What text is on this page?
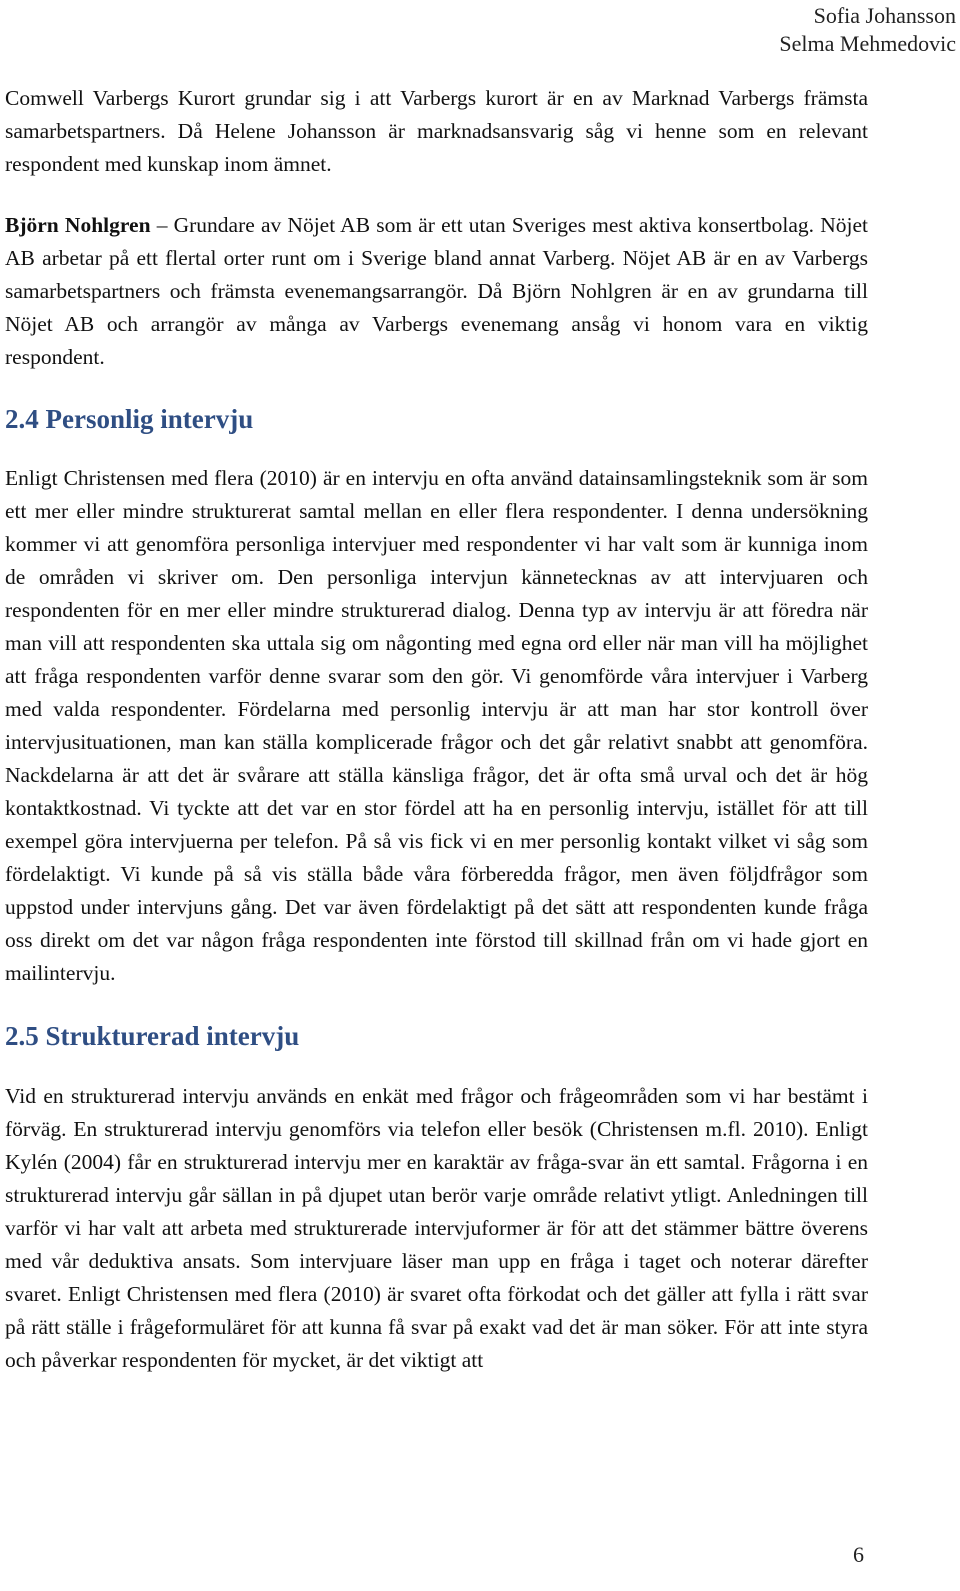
Sofia Johansson
Selma Mehmedovic

Comwell Varbergs Kurort grundar sig i att Varbergs kurort är en av Marknad Varbergs främsta samarbetspartners. Då Helene Johansson är marknadsansvarig såg vi henne som en relevant respondent med kunskap inom ämnet.

Björn Nohlgren – Grundare av Nöjet AB som är ett utan Sveriges mest aktiva konsertbolag. Nöjet AB arbetar på ett flertal orter runt om i Sverige bland annat Varberg. Nöjet AB är en av Varbergs samarbetspartners och främsta evenemangsarrangör. Då Björn Nohlgren är en av grundarna till Nöjet AB och arrangör av många av Varbergs evenemang ansåg vi honom vara en viktig respondent.

2.4 Personlig intervju

Enligt Christensen med flera (2010) är en intervju en ofta använd datainsamlingsteknik som är som ett mer eller mindre strukturerat samtal mellan en eller flera respondenter. I denna undersökning kommer vi att genomföra personliga intervjuer med respondenter vi har valt som är kunniga inom de områden vi skriver om. Den personliga intervjun kännetecknas av att intervjuaren och respondenten för en mer eller mindre strukturerad dialog. Denna typ av intervju är att föredra när man vill att respondenten ska uttala sig om någonting med egna ord eller när man vill ha möjlighet att fråga respondenten varför denne svarar som den gör. Vi genomförde våra intervjuer i Varberg med valda respondenter. Fördelarna med personlig intervju är att man har stor kontroll över intervjusituationen, man kan ställa komplicerade frågor och det går relativt snabbt att genomföra. Nackdelarna är att det är svårare att ställa känsliga frågor, det är ofta små urval och det är hög kontaktkostnad. Vi tyckte att det var en stor fördel att ha en personlig intervju, istället för att till exempel göra intervjuerna per telefon. På så vis fick vi en mer personlig kontakt vilket vi såg som fördelaktigt. Vi kunde på så vis ställa både våra förberedda frågor, men även följdfrågor som uppstod under intervjuns gång. Det var även fördelaktigt på det sätt att respondenten kunde fråga oss direkt om det var någon fråga respondenten inte förstod till skillnad från om vi hade gjort en mailintervju.

2.5 Strukturerad intervju

Vid en strukturerad intervju används en enkät med frågor och frågeområden som vi har bestämt i förväg. En strukturerad intervju genomförs via telefon eller besök (Christensen m.fl. 2010). Enligt Kylén (2004) får en strukturerad intervju mer en karaktär av fråga-svar än ett samtal. Frågorna i en strukturerad intervju går sällan in på djupet utan berör varje område relativt ytligt. Anledningen till varför vi har valt att arbeta med strukturerade intervjuformer är för att det stämmer bättre överens med vår deduktiva ansats. Som intervjuare läser man upp en fråga i taget och noterar därefter svaret. Enligt Christensen med flera (2010) är svaret ofta förkodat och det gäller att fylla i rätt svar på rätt ställe i frågeformuläret för att kunna få svar på exakt vad det är man söker. För att inte styra och påverkar respondenten för mycket, är det viktigt att

6
